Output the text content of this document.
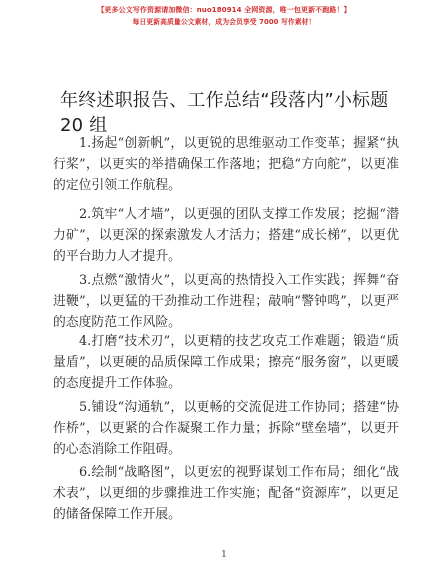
【更多公文写作资源请加微信：nuo180914 全网资源，唯一包更新不跑路！】
每日更新高质量公文素材，成为会员享受 7000 写作素材！
年终述职报告、工作总结“段落内”小标题 20 组

1.扬起“创新帆”，以更锐的思维驱动工作变革；握紧“执行桨”，以更实的举措确保工作落地；把稳“方向舵”，以更准的定位引领工作航程。

2.筑牢“人才墙”，以更强的团队支撑工作发展；挖掘“潜力矿”，以更深的探索激发人才活力；搭建“成长梯”，以更优的平台助力人才提升。

3.点燃“激情火”，以更高的热情投入工作实践；挥舞“奋进鞭”，以更猛的干劲推动工作进程；敲响“警钟鸣”，以更严的态度防范工作风险。

4.打磨“技术刃”，以更精的技艺攻克工作难题；锻造“质量盾”，以更硬的品质保障工作成果；擦亮“服务窗”，以更暖的态度提升工作体验。

5.铺设“沟通轨”，以更畅的交流促进工作协同；搭建“协作桥”，以更紧的合作凝聚工作力量；拆除“壁垒墙”，以更开的心态消除工作阻碍。

6.绘制“战略图”，以更宏的视野谋划工作布局；细化“战术表”，以更细的步骤推进工作实施；配备“资源库”，以更足的储备保障工作开展。

1
